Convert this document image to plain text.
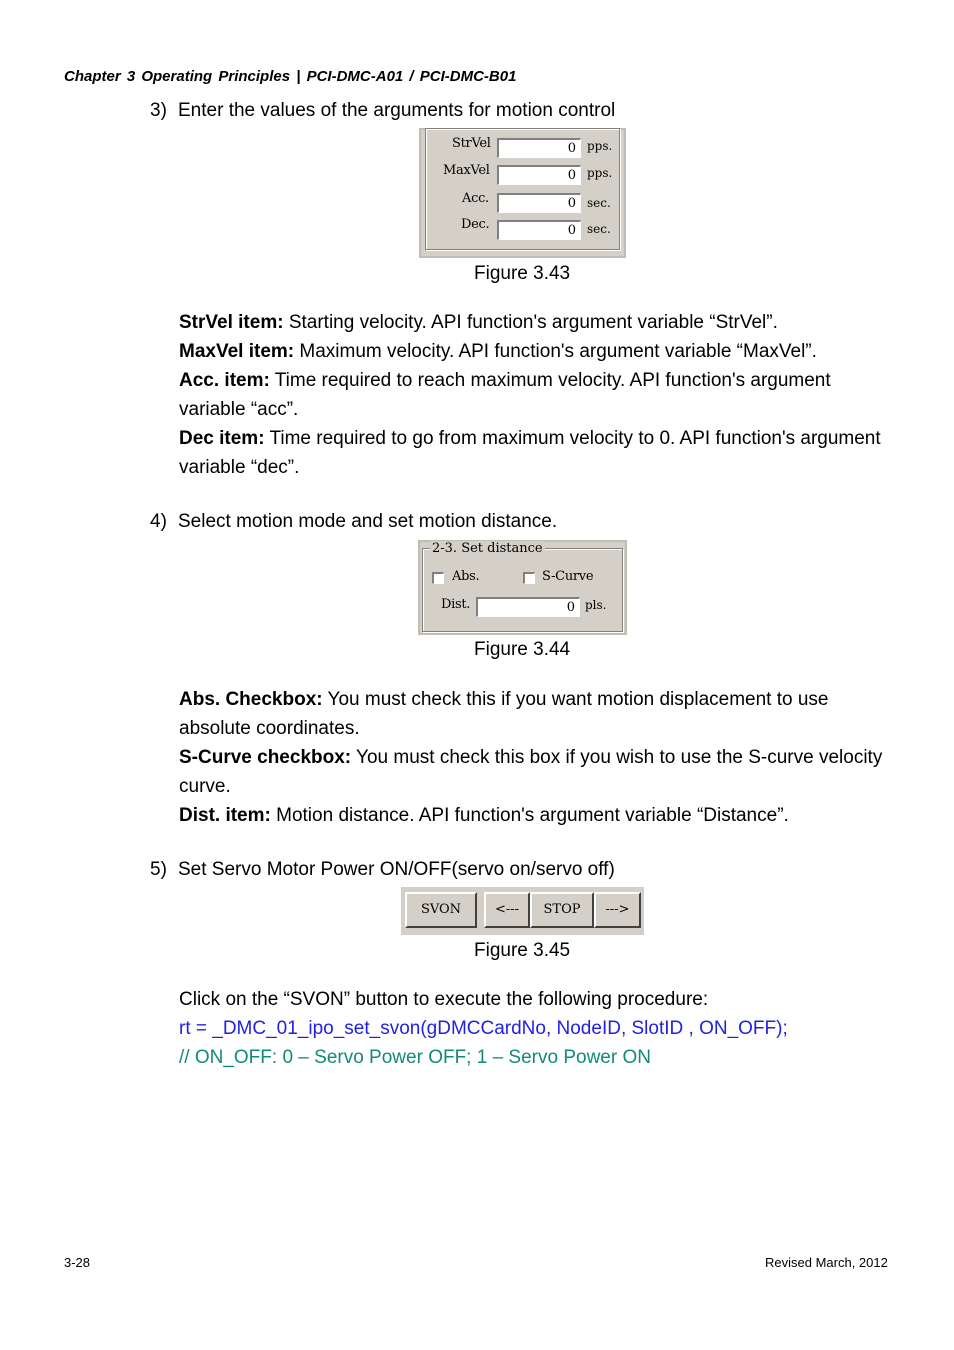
Chapter 3 Operating Principles | PCI-DMC-A01 / PCI-DMC-B01
3) Enter the values of the arguments for motion control
StrVel	0 pps.
MaxVel	0 pps.
Acc.	0 sec.
Dec.	0 sec.
Figure 3.43
StrVel item: Starting velocity. API function's argument variable “StrVel”.
MaxVel item: Maximum velocity. API function's argument variable “MaxVel”.
Acc. item: Time required to reach maximum velocity. API function's argument variable “acc”.
Dec item: Time required to go from maximum velocity to 0. API function's argument variable “dec”.
4) Select motion mode and set motion distance.
2-3. Set distance
Abs.	S-Curve
Dist.	0 pls.
Figure 3.44
Abs. Checkbox: You must check this if you want motion displacement to use absolute coordinates.
S-Curve checkbox: You must check this box if you wish to use the S-curve velocity curve.
Dist. item: Motion distance. API function's argument variable “Distance”.
5) Set Servo Motor Power ON/OFF(servo on/servo off)
SVON	<---	STOP	--->
Figure 3.45
Click on the “SVON” button to execute the following procedure:
rt = _DMC_01_ipo_set_svon(gDMCCardNo, NodeID, SlotID , ON_OFF);
// ON_OFF: 0 – Servo Power OFF; 1 – Servo Power ON
3-28	Revised March, 2012
